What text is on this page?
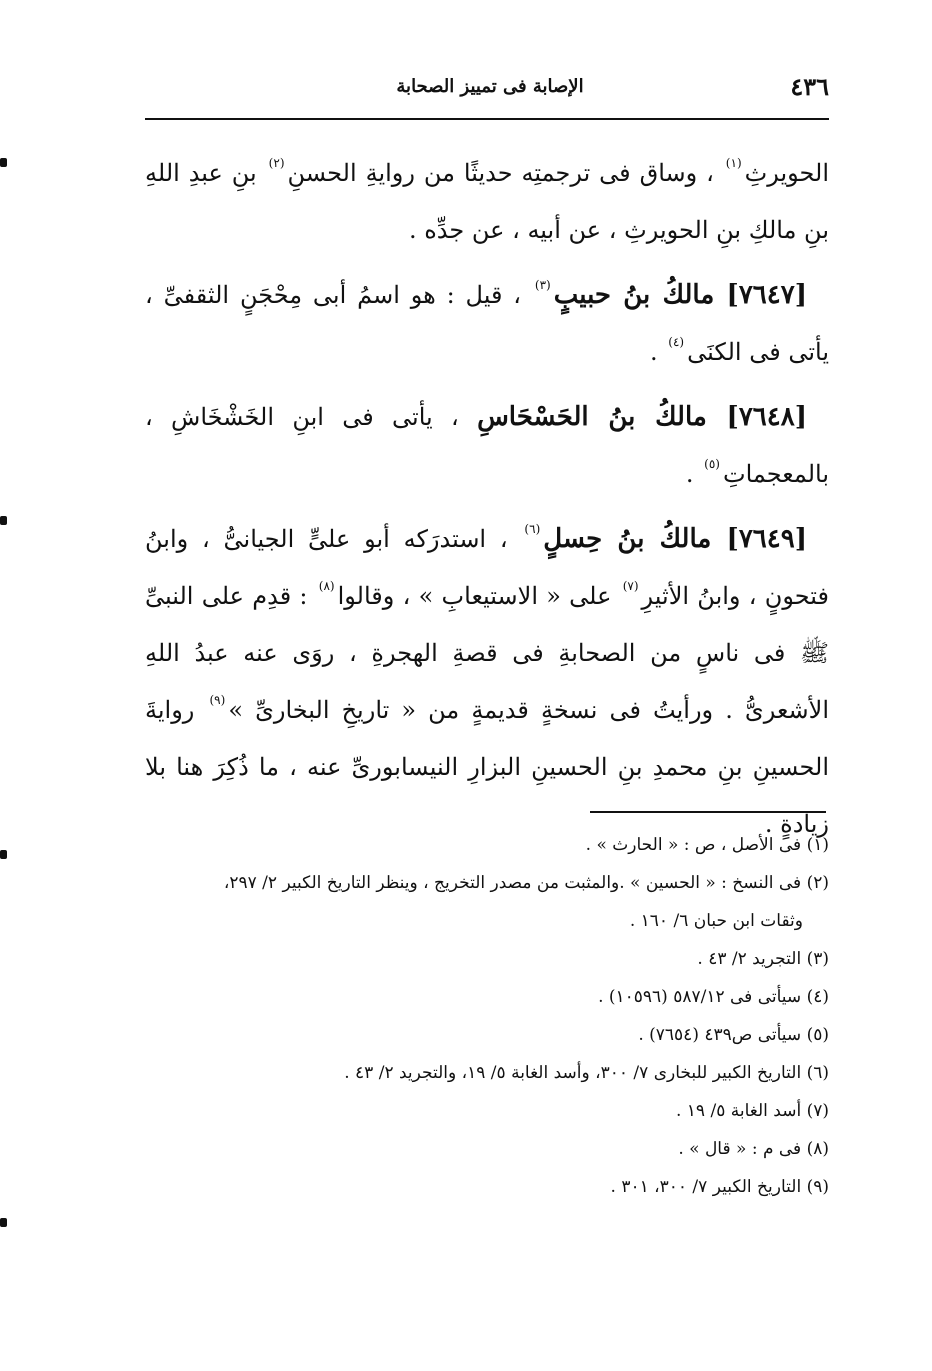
٤٣٦
الإصابة فى تمييز الصحابة

الحويرثِ$^{(١)}$ ، وساق فى ترجمتِه حديثًا من روايةِ الحسنِ$^{(٢)}$ بنِ عبدِ اللهِ بنِ مالكِ بنِ الحويرثِ ، عن أبيه ، عن جدِّه .

[٧٦٤٧] مالكُ بنُ حبيبٍ$^{(٣)}$ ، قيل : هو اسمُ أبى مِحْجَنٍ الثقفىِّ ، يأتى فى الكنَى$^{(٤)}$ .

[٧٦٤٨] مالكُ بنُ الحَسْحَاسِ ، يأتى فى ابنِ الخَشْخَاشِ ، بالمعجماتِ$^{(٥)}$ .

[٧٦٤٩] مالكُ بنُ حِسلٍ$^{(٦)}$ ، استدرَكه أبو علىٍّ الجيانىُّ ، وابنُ فتحونٍ ، وابنُ الأثيرِ$^{(٧)}$ على « الاستيعابِ » ، وقالوا$^{(٨)}$ : قدِم على النبىِّ ﷺ فى ناسٍ من الصحابةِ فى قصةِ الهجرةِ ، روَى عنه عبدُ اللهِ الأشعرىُّ . ورأيتُ فى نسخةٍ قديمةٍ من « تاريخِ البخارىِّ »$^{(٩)}$ روايةَ الحسينِ بنِ محمدِ بنِ الحسينِ البزارِ النيسابورىِّ عنه ، ما ذُكِرَ هنا بلا زيادةٍ .

(١) فى الأصل ، ص : « الحارث » .
(٢) فى النسخ : « الحسين » .والمثبت من مصدر التخريج ، وينظر التاريخ الكبير ٢/ ٢٩٧،
وثقات ابن حبان ٦/ ١٦٠ .
(٣) التجريد ٢/ ٤٣ .
(٤) سيأتى فى ٥٨٧/١٢ (١٠٥٩٦) .
(٥) سيأتى ص٤٣٩ (٧٦٥٤) .
(٦) التاريخ الكبير للبخارى ٧/ ٣٠٠، وأسد الغابة ٥/ ١٩، والتجريد ٢/ ٤٣ .
(٧) أسد الغابة ٥/ ١٩ .
(٨) فى م : « قال » .
(٩) التاريخ الكبير ٧/ ٣٠٠، ٣٠١ .
